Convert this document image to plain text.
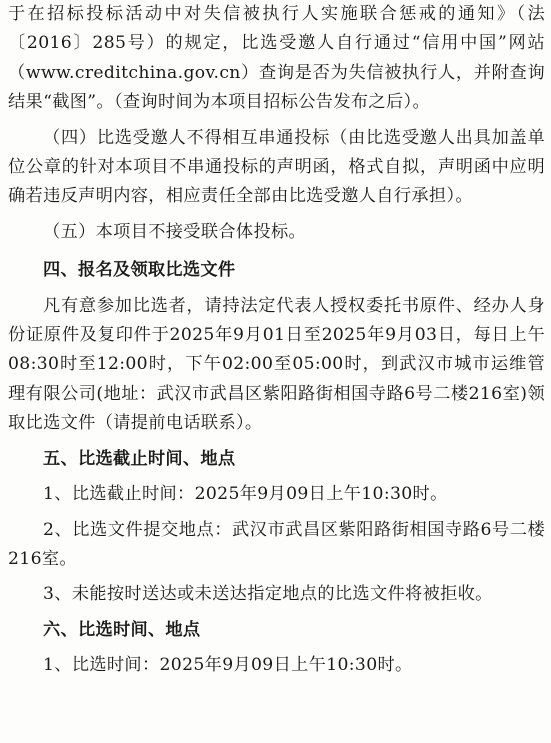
于在招标投标活动中对失信被执行人实施联合惩戒的通知》（法〔2016〕285号）的规定，比选受邀人自行通过“信用中国”网站（www.creditchina.gov.cn）查询是否为失信被执行人，并附查询结果“截图”。（查询时间为本项目招标公告发布之后）。

（四）比选受邀人不得相互串通投标（由比选受邀人出具加盖单位公章的针对本项目不串通投标的声明函，格式自拟，声明函中应明确若违反声明内容，相应责任全部由比选受邀人自行承担）。

（五）本项目不接受联合体投标。

四、报名及领取比选文件

凡有意参加比选者，请持法定代表人授权委托书原件、经办人身份证原件及复印件于2025年9月01日至2025年9月03日，每日上午08:30时至12:00时，下午02:00至05:00时，到武汉市城市运维管理有限公司(地址：武汉市武昌区紫阳路街相国寺路6号二楼216室)领取比选文件（请提前电话联系）。

五、比选截止时间、地点

1、比选截止时间：2025年9月09日上午10:30时。

2、比选文件提交地点：武汉市武昌区紫阳路街相国寺路6号二楼216室。

3、未能按时送达或未送达指定地点的比选文件将被拒收。

六、比选时间、地点

1、比选时间：2025年9月09日上午10:30时。
